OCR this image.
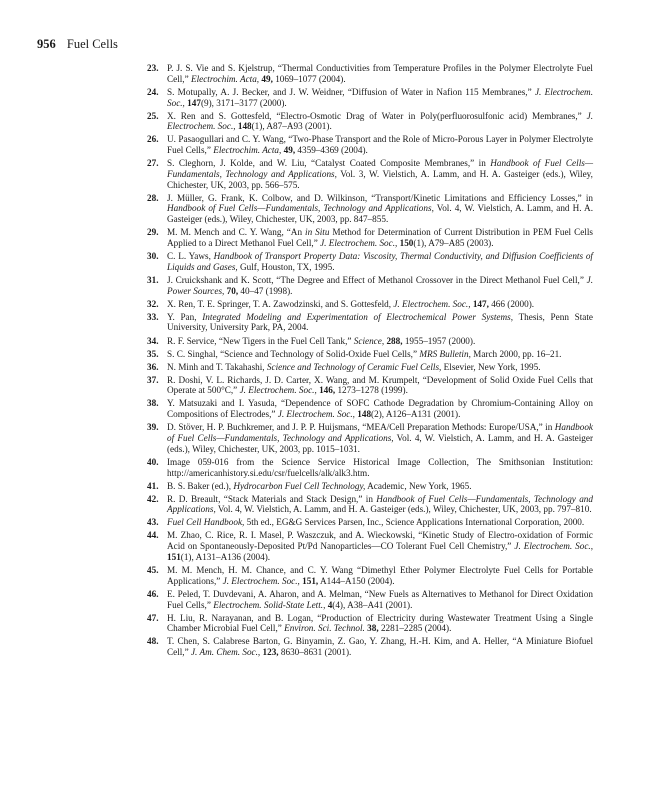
956 Fuel Cells
23. P. J. S. Vie and S. Kjelstrup, “Thermal Conductivities from Temperature Profiles in the Polymer Electrolyte Fuel Cell,” Electrochim. Acta, 49, 1069–1077 (2004).
24. S. Motupally, A. J. Becker, and J. W. Weidner, “Diffusion of Water in Nafion 115 Membranes,” J. Electrochem. Soc., 147(9), 3171–3177 (2000).
25. X. Ren and S. Gottesfeld, “Electro-Osmotic Drag of Water in Poly(perfluorosulfonic acid) Membranes,” J. Electrochem. Soc., 148(1), A87–A93 (2001).
26. U. Pasaogullari and C. Y. Wang, “Two-Phase Transport and the Role of Micro-Porous Layer in Polymer Electrolyte Fuel Cells,” Electrochim. Acta, 49, 4359–4369 (2004).
27. S. Cleghorn, J. Kolde, and W. Liu, “Catalyst Coated Composite Membranes,” in Handbook of Fuel Cells—Fundamentals, Technology and Applications, Vol. 3, W. Vielstich, A. Lamm, and H. A. Gasteiger (eds.), Wiley, Chichester, UK, 2003, pp. 566–575.
28. J. Müller, G. Frank, K. Colbow, and D. Wilkinson, “Transport/Kinetic Limitations and Efficiency Losses,” in Handbook of Fuel Cells—Fundamentals, Technology and Applications, Vol. 4, W. Vielstich, A. Lamm, and H. A. Gasteiger (eds.), Wiley, Chichester, UK, 2003, pp. 847–855.
29. M. M. Mench and C. Y. Wang, “An in Situ Method for Determination of Current Distribution in PEM Fuel Cells Applied to a Direct Methanol Fuel Cell,” J. Electrochem. Soc., 150(1), A79–A85 (2003).
30. C. L. Yaws, Handbook of Transport Property Data: Viscosity, Thermal Conductivity, and Diffusion Coefficients of Liquids and Gases, Gulf, Houston, TX, 1995.
31. J. Cruickshank and K. Scott, “The Degree and Effect of Methanol Crossover in the Direct Methanol Fuel Cell,” J. Power Sources, 70, 40–47 (1998).
32. X. Ren, T. E. Springer, T. A. Zawodzinski, and S. Gottesfeld, J. Electrochem. Soc., 147, 466 (2000).
33. Y. Pan, Integrated Modeling and Experimentation of Electrochemical Power Systems, Thesis, Penn State University, University Park, PA, 2004.
34. R. F. Service, “New Tigers in the Fuel Cell Tank,” Science, 288, 1955–1957 (2000).
35. S. C. Singhal, “Science and Technology of Solid-Oxide Fuel Cells,” MRS Bulletin, March 2000, pp. 16–21.
36. N. Minh and T. Takahashi, Science and Technology of Ceramic Fuel Cells, Elsevier, New York, 1995.
37. R. Doshi, V. L. Richards, J. D. Carter, X. Wang, and M. Krumpelt, “Development of Solid Oxide Fuel Cells that Operate at 500°C,” J. Electrochem. Soc., 146, 1273–1278 (1999).
38. Y. Matsuzaki and I. Yasuda, “Dependence of SOFC Cathode Degradation by Chromium-Containing Alloy on Compositions of Electrodes,” J. Electrochem. Soc., 148(2), A126–A131 (2001).
39. D. Stöver, H. P. Buchkremer, and J. P. P. Huijsmans, “MEA/Cell Preparation Methods: Europe/USA,” in Handbook of Fuel Cells—Fundamentals, Technology and Applications, Vol. 4, W. Vielstich, A. Lamm, and H. A. Gasteiger (eds.), Wiley, Chichester, UK, 2003, pp. 1015–1031.
40. Image 059-016 from the Science Service Historical Image Collection, The Smithsonian Institution: http://americanhistory.si.edu/csr/fuelcells/alk/alk3.htm.
41. B. S. Baker (ed.), Hydrocarbon Fuel Cell Technology, Academic, New York, 1965.
42. R. D. Breault, “Stack Materials and Stack Design,” in Handbook of Fuel Cells—Fundamentals, Technology and Applications, Vol. 4, W. Vielstich, A. Lamm, and H. A. Gasteiger (eds.), Wiley, Chichester, UK, 2003, pp. 797–810.
43. Fuel Cell Handbook, 5th ed., EG&G Services Parsen, Inc., Science Applications International Corporation, 2000.
44. M. Zhao, C. Rice, R. I. Masel, P. Waszczuk, and A. Wieckowski, “Kinetic Study of Electro-oxidation of Formic Acid on Spontaneously-Deposited Pt/Pd Nanoparticles—CO Tolerant Fuel Cell Chemistry,” J. Electrochem. Soc., 151(1), A131–A136 (2004).
45. M. M. Mench, H. M. Chance, and C. Y. Wang “Dimethyl Ether Polymer Electrolyte Fuel Cells for Portable Applications,” J. Electrochem. Soc., 151, A144–A150 (2004).
46. E. Peled, T. Duvdevani, A. Aharon, and A. Melman, “New Fuels as Alternatives to Methanol for Direct Oxidation Fuel Cells,” Electrochem. Solid-State Lett., 4(4), A38–A41 (2001).
47. H. Liu, R. Narayanan, and B. Logan, “Production of Electricity during Wastewater Treatment Using a Single Chamber Microbial Fuel Cell,” Environ. Sci. Technol. 38, 2281–2285 (2004).
48. T. Chen, S. Calabrese Barton, G. Binyamin, Z. Gao, Y. Zhang, H.-H. Kim, and A. Heller, “A Miniature Biofuel Cell,” J. Am. Chem. Soc., 123, 8630–8631 (2001).
